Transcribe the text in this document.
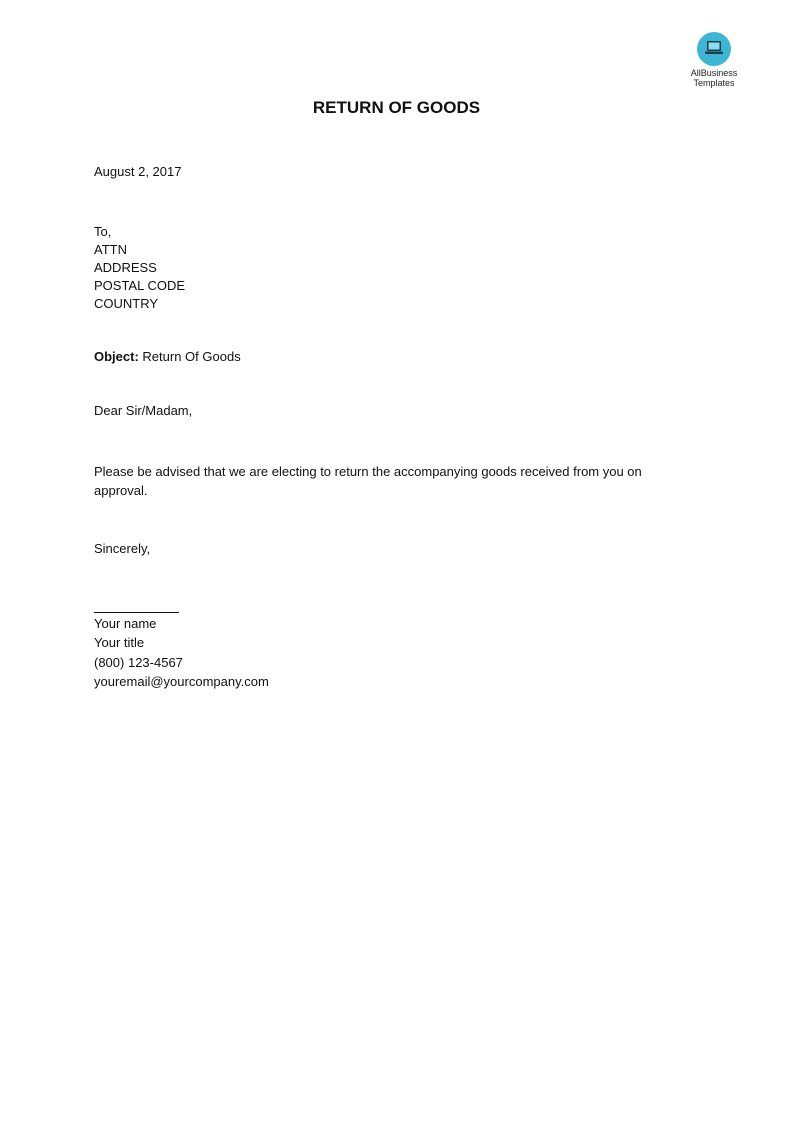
AllBusiness
Templates
RETURN OF GOODS
August 2, 2017
To,
ATTN
ADDRESS
POSTAL CODE
COUNTRY
Object: Return Of Goods
Dear Sir/Madam,
Please be advised that we are electing to return the accompanying goods received from you on approval.
Sincerely,
Your name
Your title
(800) 123-4567
youremail@yourcompany.com
